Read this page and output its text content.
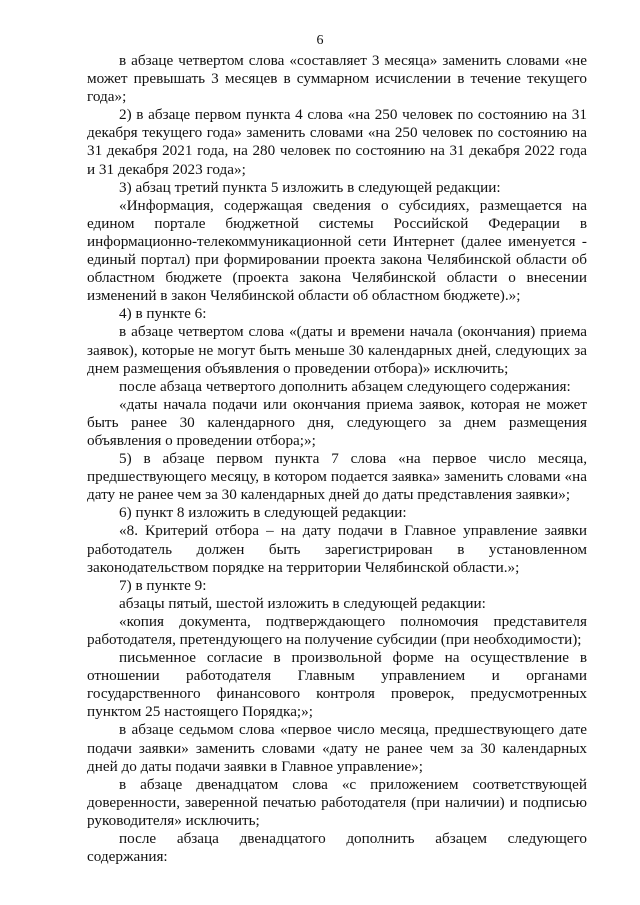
6

в абзаце четвертом слова «составляет 3 месяца» заменить словами «не может превышать 3 месяцев в суммарном исчислении в течение текущего года»;

2) в абзаце первом пункта 4 слова «на 250 человек по состоянию на 31 декабря текущего года» заменить словами «на 250 человек по состоянию на 31 декабря 2021 года, на 280 человек по состоянию на 31 декабря 2022 года и 31 декабря 2023 года»;

3) абзац третий пункта 5 изложить в следующей редакции:

«Информация, содержащая сведения о субсидиях, размещается на едином портале бюджетной системы Российской Федерации в информационно-телекоммуникационной сети Интернет (далее именуется - единый портал) при формировании проекта закона Челябинской области об областном бюджете (проекта закона Челябинской области о внесении изменений в закон Челябинской области об областном бюджете).»;

4) в пункте 6:

в абзаце четвертом слова «(даты и времени начала (окончания) приема заявок), которые не могут быть меньше 30 календарных дней, следующих за днем размещения объявления о проведении отбора)» исключить;

после абзаца четвертого дополнить абзацем следующего содержания:

«даты начала подачи или окончания приема заявок, которая не может быть ранее 30 календарного дня, следующего за днем размещения объявления о проведении отбора;»;

5) в абзаце первом пункта 7 слова «на первое число месяца, предшествующего месяцу, в котором подается заявка» заменить словами «на дату не ранее чем за 30 календарных дней до даты представления заявки»;

6) пункт 8 изложить в следующей редакции:

«8. Критерий отбора – на дату подачи в Главное управление заявки работодатель должен быть зарегистрирован в установленном законодательством порядке на территории Челябинской области.»;

7) в пункте 9:

абзацы пятый, шестой изложить в следующей редакции:

«копия документа, подтверждающего полномочия представителя работодателя, претендующего на получение субсидии (при необходимости);

письменное согласие в произвольной форме на осуществление в отношении работодателя Главным управлением и органами государственного финансового контроля проверок, предусмотренных пунктом 25 настоящего Порядка;»;

в абзаце седьмом слова «первое число месяца, предшествующего дате подачи заявки» заменить словами «дату не ранее чем за 30 календарных дней до даты подачи заявки в Главное управление»;

в абзаце двенадцатом слова «с приложением соответствующей доверенности, заверенной печатью работодателя (при наличии) и подписью руководителя» исключить;

после абзаца двенадцатого дополнить абзацем следующего содержания:
